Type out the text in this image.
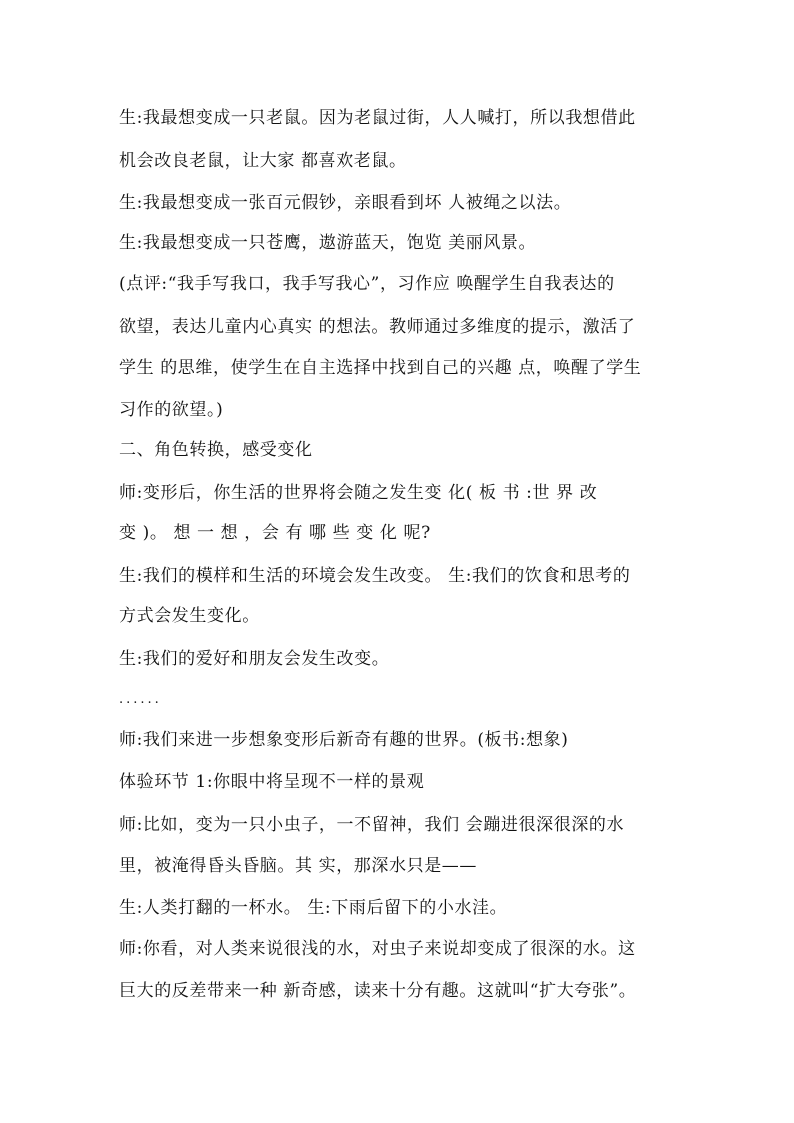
生:我最想变成一只老鼠。因为老鼠过街，人人喊打，所以我想借此
机会改良老鼠，让大家 都喜欢老鼠。
生:我最想变成一张百元假钞，亲眼看到坏 人被绳之以法。
生:我最想变成一只苍鹰，遨游蓝天，饱览 美丽风景。
(点评:“我手写我口，我手写我心”，习作应 唤醒学生自我表达的
欲望，表达儿童内心真实 的想法。教师通过多维度的提示，激活了
学生 的思维，使学生在自主选择中找到自己的兴趣 点，唤醒了学生
习作的欲望。)
二、角色转换，感受变化
师:变形后，你生活的世界将会随之发生变 化( 板 书 :世 界 改
变 )。 想 一 想 ，会 有 哪 些 变 化 呢?
生:我们的模样和生活的环境会发生改变。 生:我们的饮食和思考的
方式会发生变化。
生:我们的爱好和朋友会发生改变。
......
师:我们来进一步想象变形后新奇有趣的世界。(板书:想象)
体验环节 1:你眼中将呈现不一样的景观
师:比如，变为一只小虫子，一不留神，我们 会蹦进很深很深的水
里，被淹得昏头昏脑。其 实，那深水只是——
生:人类打翻的一杯水。 生:下雨后留下的小水洼。
师:你看，对人类来说很浅的水，对虫子来说却变成了很深的水。这
巨大的反差带来一种 新奇感，读来十分有趣。这就叫“扩大夸张”。
